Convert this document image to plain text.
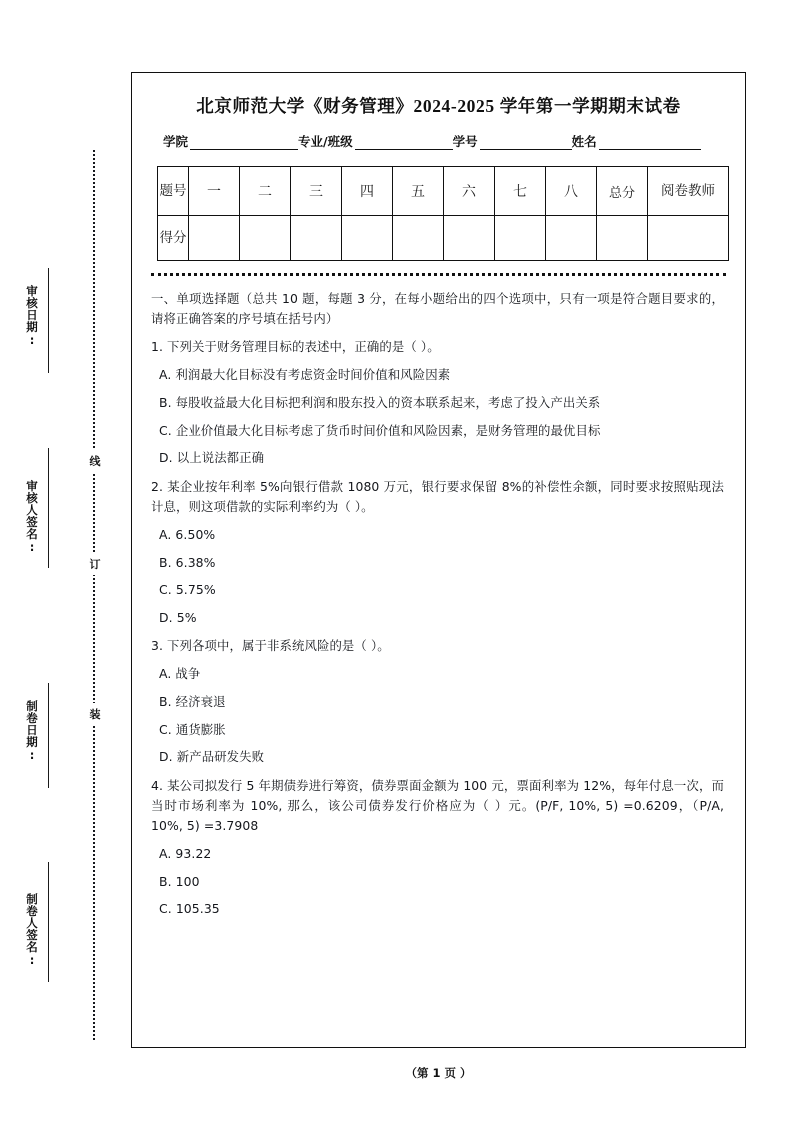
审核日期:
审核人签名:
制卷日期:
制卷人签名:
线
订
装
北京师范大学《财务管理》2024‑2025 学年第一学期期末试卷
学院	专业/班级	学号	姓名
题号	一	二	三	四	五	六	七	八	总分	阅卷教师
得分										
一、单项选择题（总共 10 题，每题 3 分，在每小题给出的四个选项中，只有一项是符合题目要求的，请将正确答案的序号填在括号内）
1. 下列关于财务管理目标的表述中，正确的是（ ）。
A. 利润最大化目标没有考虑资金时间价值和风险因素
B. 每股收益最大化目标把利润和股东投入的资本联系起来，考虑了投入产出关系
C. 企业价值最大化目标考虑了货币时间价值和风险因素，是财务管理的最优目标
D. 以上说法都正确
2. 某企业按年利率 5%向银行借款 1080 万元，银行要求保留 8%的补偿性余额，同时要求按照贴现法计息，则这项借款的实际利率约为（ ）。
A. 6.50%
B. 6.38%
C. 5.75%
D. 5%
3. 下列各项中，属于非系统风险的是（ ）。
A. 战争
B. 经济衰退
C. 通货膨胀
D. 新产品研发失败
4. 某公司拟发行 5 年期债券进行筹资，债券票面金额为 100 元，票面利率为 12%，每年付息一次，而当时市场利率为 10%, 那么，该公司债券发行价格应为（ ）元。(P/F, 10%, 5) =0.6209，（P/A, 10%, 5) =3.7908
A. 93.22
B. 100
C. 105.35
（第 1 页 ）
